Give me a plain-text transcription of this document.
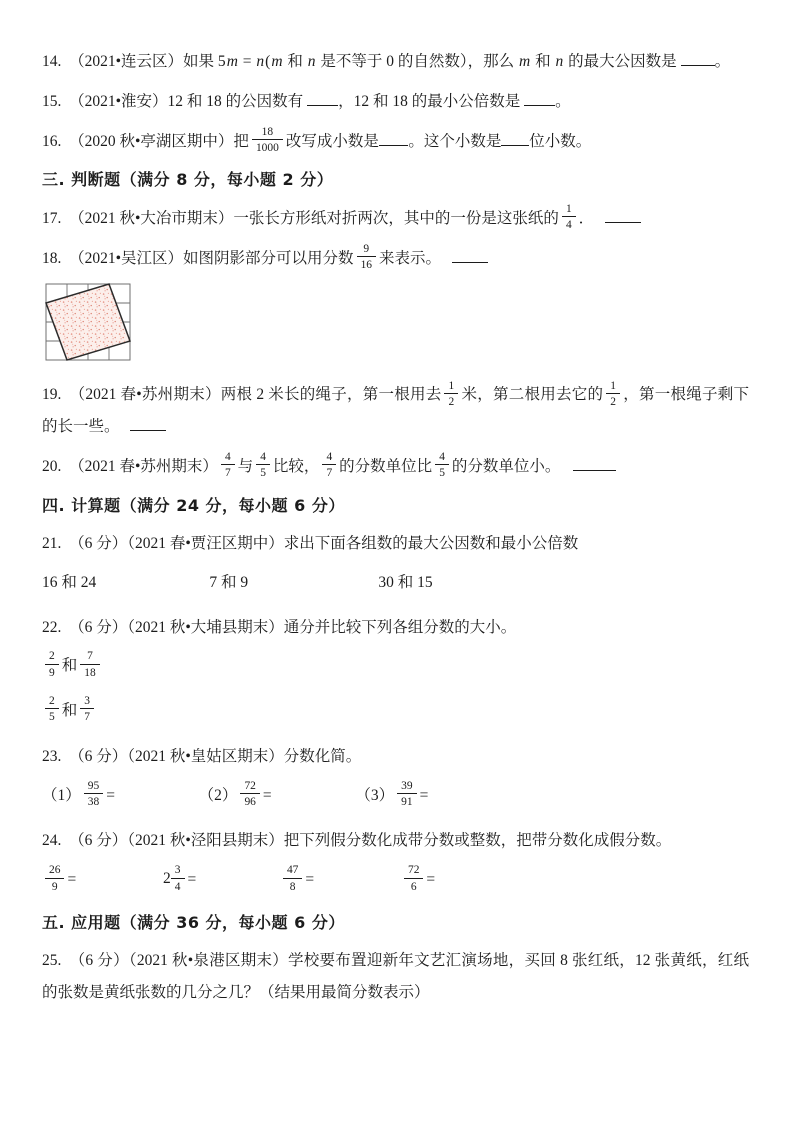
14.  （2021•连云区）如果 5m = n(m 和 n 是不等于 0 的自然数），那么 m 和 n 的最大公因数是 。
15.  （2021•淮安）12 和 18 的公因数有 ，12 和 18 的最小公倍数是 。
16.  （2020 秋•亭湖区期中）把 $\frac{18}{1000}$ 改写成小数是 。这个小数是 位小数。
三. 判断题（满分 8 分，每小题 2 分）
17.  （2021 秋•大冶市期末）一张长方形纸对折两次，其中的一份是这张纸的 $\frac{1}{4}$ ．
18.  （2021•吴江区）如图阴影部分可以用分数 $\frac{9}{16}$ 来表示。
19.  （2021 春•苏州期末）两根 2 米长的绳子，第一根用去 $\frac{1}{2}$ 米，第二根用去它的 $\frac{1}{2}$ ，第一根绳子剩下的长一些。
20.  （2021 春•苏州期末） $\frac{4}{7}$ 与 $\frac{4}{5}$ 比较， $\frac{4}{7}$ 的分数单位比 $\frac{4}{5}$ 的分数单位小。
四. 计算题（满分 24 分，每小题 6 分）
21.  （6 分）（2021 春•贾汪区期中）求出下面各组数的最大公因数和最小公倍数
16 和 24	7 和 9	30 和 15
22.  （6 分）（2021 秋•大埔县期末）通分并比较下列各组分数的大小。
$\frac{2}{9}$ 和 $\frac{7}{18}$
$\frac{2}{5}$ 和 $\frac{3}{7}$
23.  （6 分）（2021 秋•皇姑区期末）分数化简。
$(1) \frac{95}{38}$ =	$(2) \frac{72}{96}$ =	$(3) \frac{39}{91}$ =
24.  （6 分）（2021 秋•泾阳县期末）把下列假分数化成带分数或整数，把带分数化成假分数。
$\frac{26}{9}$ =	$2 \frac{3}{4}$ =	$\frac{47}{8}$ =	$\frac{72}{6}$ =
五. 应用题（满分 36 分，每小题 6 分）
25.  （6 分）（2021 秋•泉港区期末）学校要布置迎新年文艺汇演场地，买回 8 张红纸，12 张黄纸，红纸的张数是黄纸张数的几分之几？（结果用最简分数表示）
